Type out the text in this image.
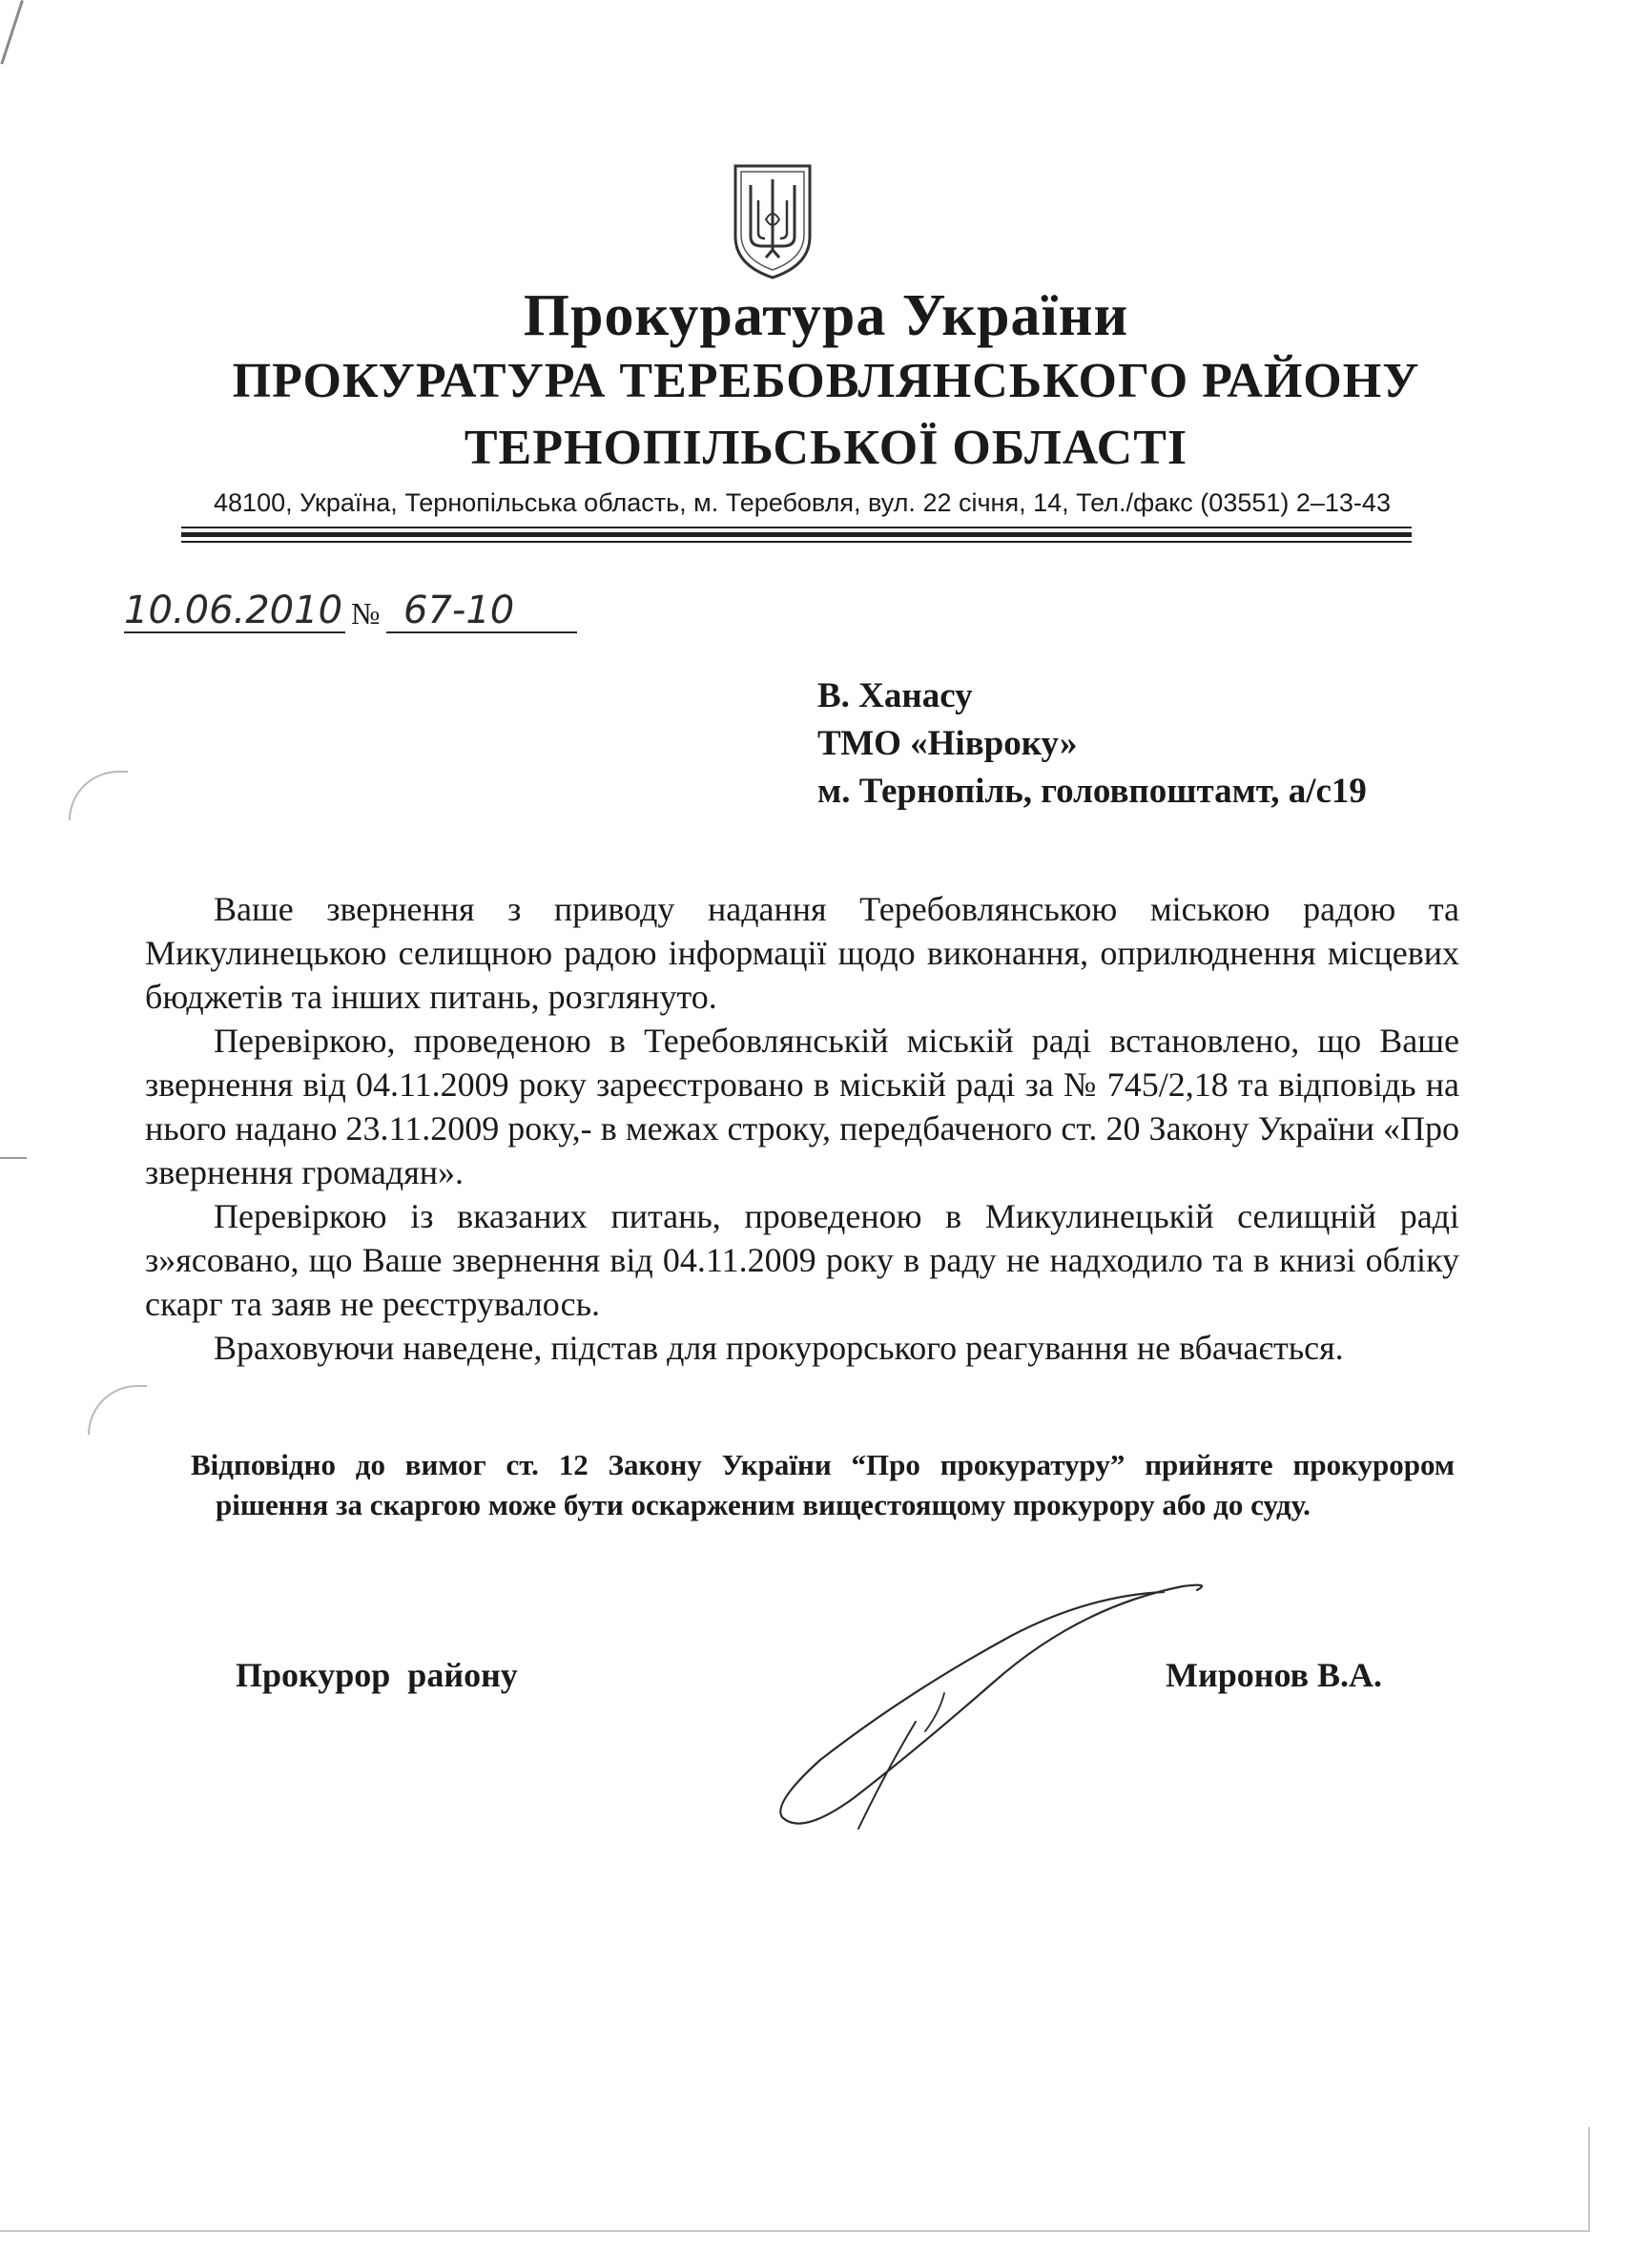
Прокуратура України
ПРОКУРАТУРА ТЕРЕБОВЛЯНСЬКОГО РАЙОНУ
ТЕРНОПІЛЬСЬКОЇ ОБЛАСТІ
48100, Україна, Тернопільська область, м. Теребовля, вул. 22 січня, 14, Тел./факс (03551) 2–13-43
10.06.2010 № 67-10
В. Ханасу
ТМО «Нівроку»
м. Тернопіль, головпоштамт, а/с19

Ваше звернення з приводу надання Теребовлянською міською радою та Микулинецькою селищною радою інформації щодо виконання, оприлюднення місцевих бюджетів та інших питань, розглянуто.

Перевіркою, проведеною в Теребовлянській міській раді встановлено, що Ваше звернення від 04.11.2009 року зареєстровано в міській раді за № 745/2,18 та відповідь на нього надано 23.11.2009 року,- в межах строку, передбаченого ст. 20 Закону України «Про звернення громадян».

Перевіркою із вказаних питань, проведеною в Микулинецькій селищній раді з»ясовано, що Ваше звернення від 04.11.2009 року в раду не надходило та в книзі обліку скарг та заяв не реєструвалось.

Враховуючи наведене, підстав для прокурорського реагування не вбачається.

Відповідно до вимог ст. 12 Закону України “Про прокуратуру” прийняте прокурором
рішення за скаргою може бути оскарженим вищестоящому прокурору або до суду.
Прокурор  району	Миронов В.А.
